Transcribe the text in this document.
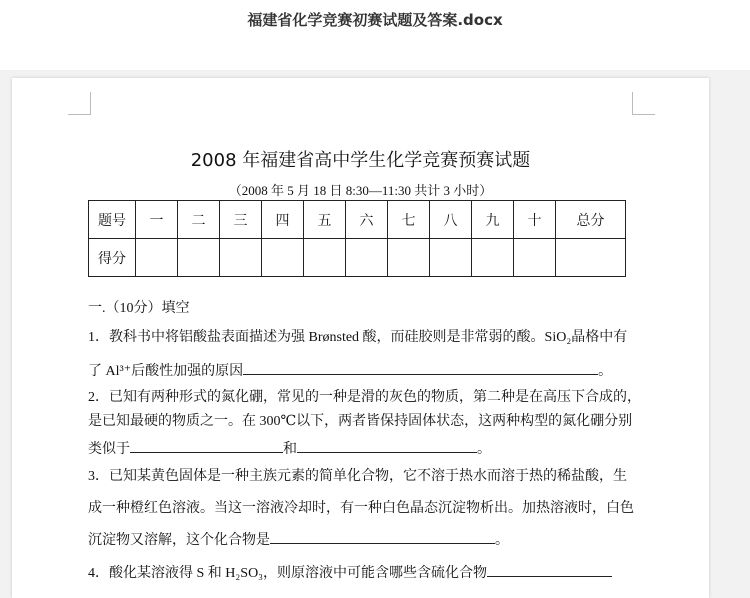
福建省化学竞赛初赛试题及答案.docx
2008 年福建省高中学生化学竞赛预赛试题
（2008 年 5 月 18 日 8:30—11:30 共计 3 小时）
题号	一	二	三	四	五	六	七	八	九	十	总分
得分											
一.（10分）填空
1．教科书中将铝酸盐表面描述为强 Brønsted 酸，而硅胶则是非常弱的酸。SiO₂晶格中有
了 Al³⁺后酸性加强的原因	。
2．已知有两种形式的氮化硼，常见的一种是滑的灰色的物质，第二种是在高压下合成的，
是已知最硬的物质之一。在 300℃以下，两者皆保持固体状态，这两种构型的氮化硼分别
类似于	和	。
3．已知某黄色固体是一种主族元素的简单化合物，它不溶于热水而溶于热的稀盐酸，生
成一种橙红色溶液。当这一溶液冷却时，有一种白色晶态沉淀物析出。加热溶液时，白色
沉淀物又溶解，这个化合物是	。
4．酸化某溶液得 S 和 H₂SO₃，则原溶液中可能含哪些含硫化合物
